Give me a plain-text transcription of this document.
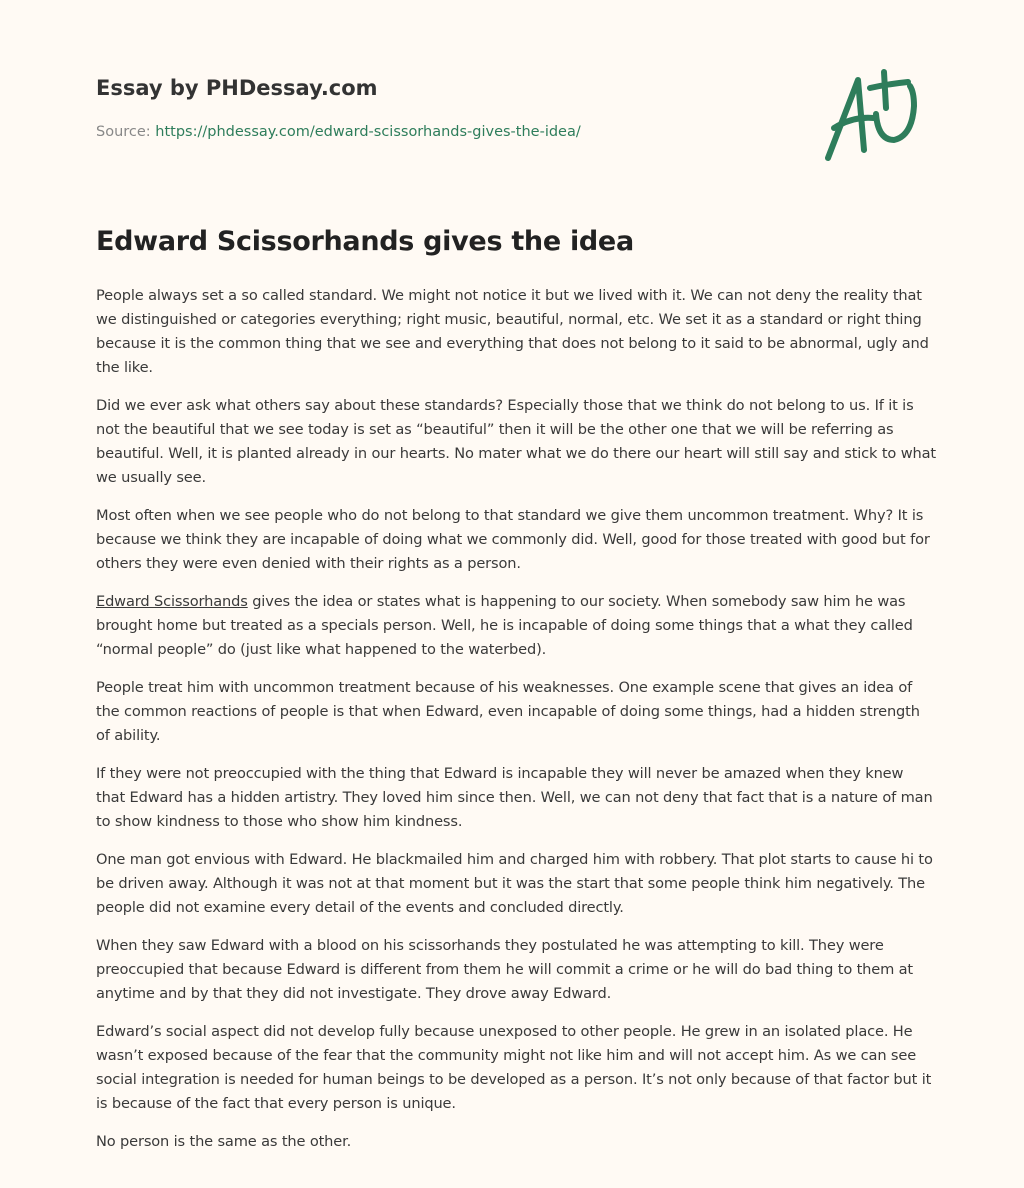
Essay by PHDessay.com
Source: https://phdessay.com/edward-scissorhands-gives-the-idea/
Edward Scissorhands gives the idea

People always set a so called standard. We might not notice it but we lived with it. We can not deny the reality that we distinguished or categories everything; right music, beautiful, normal, etc. We set it as a standard or right thing because it is the common thing that we see and everything that does not belong to it said to be abnormal, ugly and the like.

Did we ever ask what others say about these standards? Especially those that we think do not belong to us. If it is not the beautiful that we see today is set as “beautiful” then it will be the other one that we will be referring as beautiful. Well, it is planted already in our hearts. No mater what we do there our heart will still say and stick to what we usually see.

Most often when we see people who do not belong to that standard we give them uncommon treatment. Why? It is because we think they are incapable of doing what we commonly did. Well, good for those treated with good but for others they were even denied with their rights as a person.

Edward Scissorhands gives the idea or states what is happening to our society. When somebody saw him he was brought home but treated as a specials person. Well, he is incapable of doing some things that a what they called “normal people” do (just like what happened to the waterbed).

People treat him with uncommon treatment because of his weaknesses. One example scene that gives an idea of the common reactions of people is that when Edward, even incapable of doing some things, had a hidden strength of ability.

If they were not preoccupied with the thing that Edward is incapable they will never be amazed when they knew that Edward has a hidden artistry. They loved him since then. Well, we can not deny that fact that is a nature of man to show kindness to those who show him kindness.

One man got envious with Edward. He blackmailed him and charged him with robbery. That plot starts to cause hi to be driven away. Although it was not at that moment but it was the start that some people think him negatively. The people did not examine every detail of the events and concluded directly.

When they saw Edward with a blood on his scissorhands they postulated he was attempting to kill. They were preoccupied that because Edward is different from them he will commit a crime or he will do bad thing to them at anytime and by that they did not investigate. They drove away Edward.

Edward’s social aspect did not develop fully because unexposed to other people. He grew in an isolated place. He wasn’t exposed because of the fear that the community might not like him and will not accept him. As we can see social integration is needed for human beings to be developed as a person. It’s not only because of that factor but it is because of the fact that every person is unique.

No person is the same as the other.
